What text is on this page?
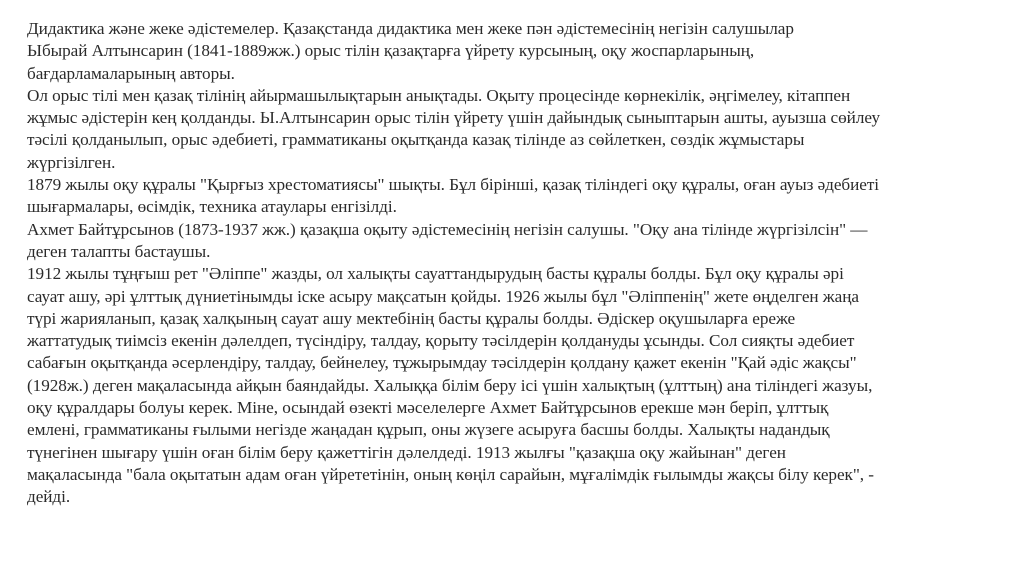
Дидактика және жеке әдістемелер. Қазақстанда дидактика мен жеке пән әдістемесінің негізін салушылар
Ыбырай Алтынсарин (1841-1889жж.) орыс тілін қазақтарға үйрету курсының, оқу жоспарларының,
бағдарламаларының авторы.
Ол орыс тілі мен қазақ тілінің айырмашылықтарын анықтады. Оқыту процесінде көрнекілік, әңгімелеу, кітаппен
жұмыс әдістерін кең қолданды. Ы.Алтынсарин орыс тілін үйрету үшін дайындық сыныптарын ашты, ауызша сөйлеу
тәсілі қолданылып, орыс әдебиеті, грамматиканы оқытқанда казақ тілінде аз сөйлеткен, сөздік жұмыстары
жүргізілген.
1879 жылы оқу құралы "Қырғыз хрестоматиясы" шықты. Бұл бірінші, қазақ тіліндегі оқу құралы, оған ауыз әдебиеті
шығармалары, өсімдік, техника атаулары енгізілді.
Ахмет Байтұрсынов (1873-1937 жж.) қазақша оқыту әдістемесінің негізін салушы. "Оқу ана тілінде жүргізілсін" —
деген талапты бастаушы.
1912 жылы тұңғыш рет "Әліппе" жазды, ол халықты сауаттандырудың басты құралы болды. Бұл оқу құралы әрі
сауат ашу, әрі ұлттық дүниетінымды іске асыру мақсатын қойды. 1926 жылы бұл "Әліппенің" жете өңделген жаңа
түрі жарияланып, қазақ халқының сауат ашу мектебінің басты құралы болды. Әдіскер оқушыларға ереже
жаттатудық тиімсіз екенін дәлелдеп, түсіндіру, талдау, қорыту тәсілдерін қолдануды ұсынды. Сол сияқты әдебиет
сабағын оқытқанда әсерлендіру, талдау, бейнелеу, тұжырымдау тәсілдерін қолдану қажет екенін "Қай әдіс жақсы"
(1928ж.) деген мақаласында айқын баяндайды. Халыққа білім беру ісі үшін халықтың (ұлттың) ана тіліндегі жазуы,
оқу құралдары болуы керек. Міне, осындай өзекті мәселелерге Ахмет Байтұрсынов ерекше мән беріп, ұлттық
емлені, грамматиканы ғылыми негізде жаңадан құрып, оны жүзеге асыруға басшы болды. Халықты надандық
түнегінен шығару үшін оған білім беру қажеттігін дәлелдеді. 1913 жылғы "қазақша оқу жайынан" деген
мақаласында "бала оқытатын адам оған үйрететінін, оның көңіл сарайын, мұғалімдік ғылымды жақсы білу керек", -
дейді.
